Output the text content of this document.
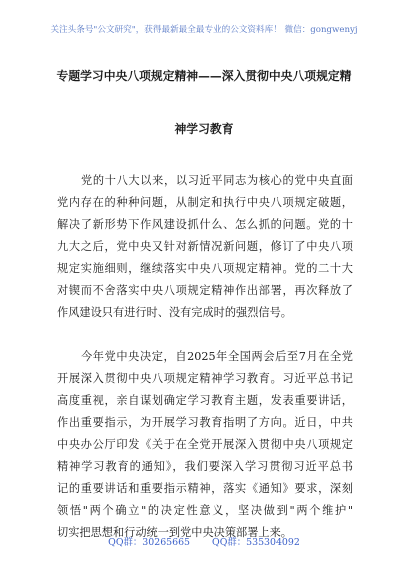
关注头条号"公文研究"，获得最新最全最专业的公文资料库！ 微信：gongwenyj
专题学习中央八项规定精神——深入贯彻中央八项规定精
神学习教育
党的十八大以来，以习近平同志为核心的党中央直面
党内存在的种种问题，从制定和执行中央八项规定破题，
解决了新形势下作风建设抓什么、怎么抓的问题。党的十
九大之后，党中央又针对新情况新问题，修订了中央八项
规定实施细则，继续落实中央八项规定精神。党的二十大
对锲而不舍落实中央八项规定精神作出部署，再次释放了
作风建设只有进行时、没有完成时的强烈信号。
今年党中央决定，自2025年全国两会后至7月在全党
开展深入贯彻中央八项规定精神学习教育。习近平总书记
高度重视，亲自谋划确定学习教育主题，发表重要讲话，
作出重要指示，为开展学习教育指明了方向。近日，中共
中央办公厅印发《关于在全党开展深入贯彻中央八项规定
精神学习教育的通知》，我们要深入学习贯彻习近平总书
记的重要讲话和重要指示精神，落实《通知》要求，深刻
领悟"两个确立"的决定性意义，坚决做到"两个维护"
切实把思想和行动统一到党中央决策部署上来。
QQ群：30265665 QQ群：535304092
